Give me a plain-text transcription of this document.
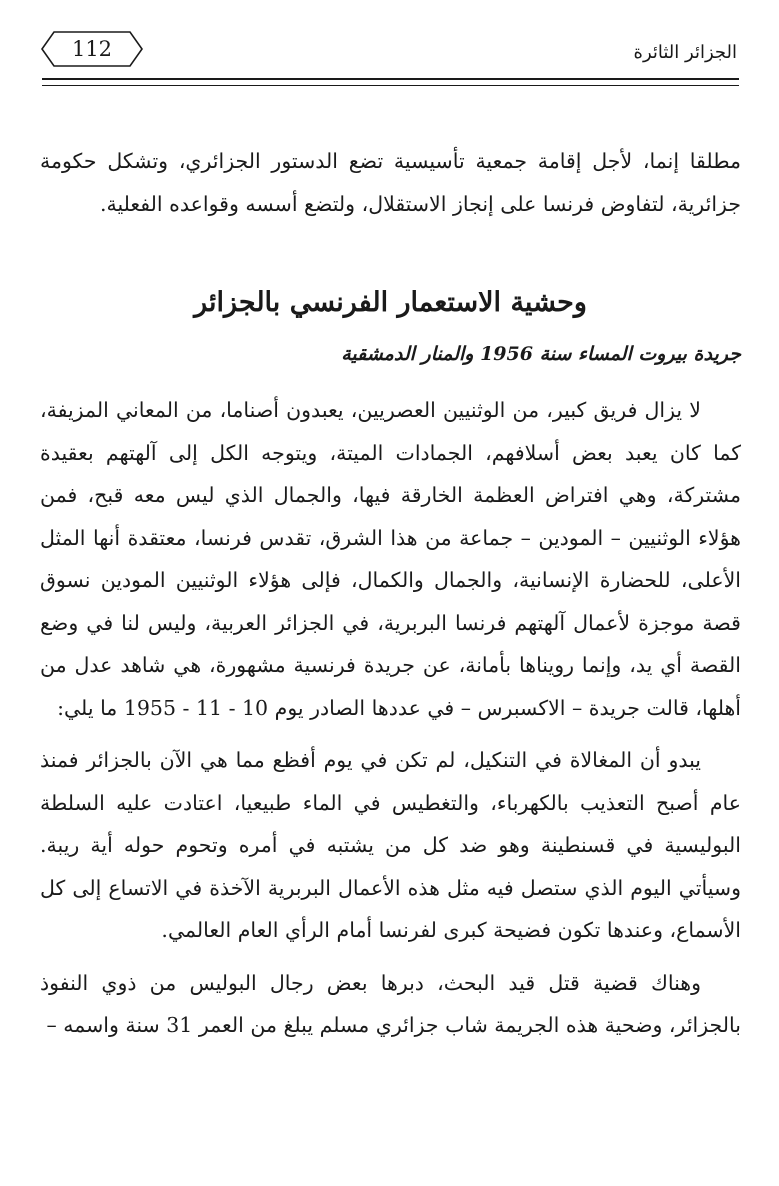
الجزائر الثائرة
112

مطلقا إنما، لأجل إقامة جمعية تأسيسية تضع الدستور الجزائري، وتشكل حكومة جزائرية، لتفاوض فرنسا على إنجاز الاستقلال، ولتضع أسسه وقواعده الفعلية.

وحشية الاستعمار الفرنسي بالجزائر
جريدة بيروت المساء سنة 1956 والمنار الدمشقية

لا يزال فريق كبير، من الوثنيين العصريين، يعبدون أصناما، من المعاني المزيفة، كما كان يعبد بعض أسلافهم، الجمادات الميتة، ويتوجه الكل إلى آلهتهم بعقيدة مشتركة، وهي افتراض العظمة الخارقة فيها، والجمال الذي ليس معه قبح، فمن هؤلاء الوثنيين – المودين – جماعة من هذا الشرق، تقدس فرنسا، معتقدة أنها المثل الأعلى، للحضارة الإنسانية، والجمال والكمال، فإلى هؤلاء الوثنيين المودين نسوق قصة موجزة لأعمال آلهتهم فرنسا البربرية، في الجزائر العربية، وليس لنا في وضع القصة أي يد، وإنما رويناها بأمانة، عن جريدة فرنسية مشهورة، هي شاهد عدل من أهلها، قالت جريدة – الاكسبرس – في عددها الصادر يوم 10 - 11 - 1955 ما يلي:

يبدو أن المغالاة في التنكيل، لم تكن في يوم أفظع مما هي الآن بالجزائر فمنذ عام أصبح التعذيب بالكهرباء، والتغطيس في الماء طبيعيا، اعتادت عليه السلطة البوليسية في قسنطينة وهو ضد كل من يشتبه في أمره وتحوم حوله أية ريبة. وسيأتي اليوم الذي ستصل فيه مثل هذه الأعمال البربرية الآخذة في الاتساع إلى كل الأسماع، وعندها تكون فضيحة كبرى لفرنسا أمام الرأي العام العالمي.

وهناك قضية قتل قيد البحث، دبرها بعض رجال البوليس من ذوي النفوذ بالجزائر، وضحية هذه الجريمة شاب جزائري مسلم يبلغ من العمر 31 سنة واسمه –
